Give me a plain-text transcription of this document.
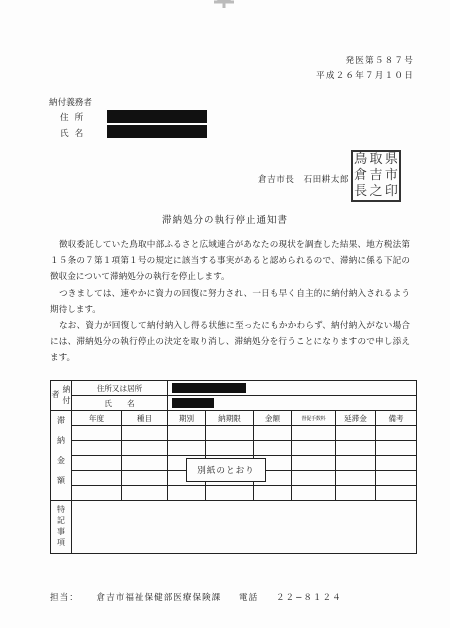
発医第５８７号
平成２６年７月１０日
納付義務者
住所
氏名
倉吉市長　石田耕太郎
鳥 取 県
倉 吉 市
長 之 印
滞納処分の執行停止通知書
徴収委託していた鳥取中部ふるさと広域連合があなたの現状を調査した結果、地方税法第１５条の７第１項第１号の規定に該当する事実があると認められるので、滞納に係る下記の徴収金について滞納処分の執行を停止します。
つきましては、速やかに資力の回復に努力され、一日も早く自主的に納付納入されるよう期待します。
なお、資力が回復して納付納入し得る状態に至ったにもかかわらず、納付納入がない場合には、滞納処分の執行停止の決定を取り消し、滞納処分を行うことになりますので申し添えます。
納付者	住所又は居所							

	氏　　名							

滞納金額	年度	種目	期別	納期限	金額	督促手数料	延滞金	備考

特記事項								
別紙のとおり
担当： 倉吉市福祉保健部医療保険課 電話 ２２−８１２４
